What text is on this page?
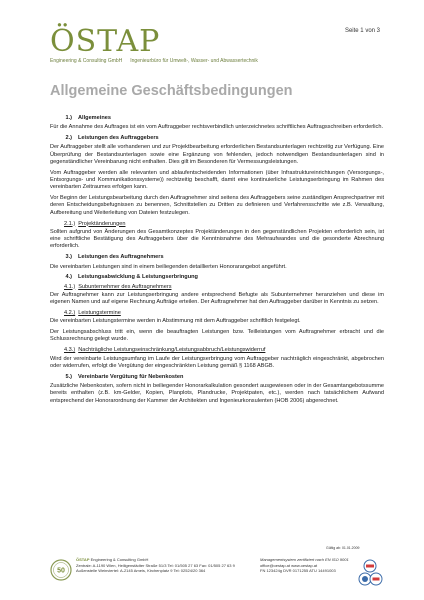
Seite 1 von 3
ÖSTAP
Engineering & Consulting GmbH Ingenieurbüro für Umwelt-, Wasser- und Abwassertechnik
Allgemeine Geschäftsbedingungen

1.) Allgemeines

Für die Annahme des Auftrages ist ein vom Auftraggeber rechtsverbindlich unterzeichnetes schriftliches Auftragsschreiben erforderlich.

2.) Leistungen des Auftraggebers

Der Auftraggeber stellt alle vorhandenen und zur Projektbearbeitung erforderlichen Bestandsunterlagen rechtzeitig zur Verfügung. Eine Überprüfung der Bestandsunterlagen sowie eine Ergänzung von fehlenden, jedoch notwendigen Bestandsunterlagen sind in gegenständlicher Vereinbarung nicht enthalten. Dies gilt im Besonderen für Vermessungsleistungen.

Vom Auftraggeber werden alle relevanten und ablaufentscheidenden Informationen (über Infrastruktureinrichtungen (Versorgungs-, Entsorgungs- und Kommunikationssysteme)) rechtzeitig beschafft, damit eine kontinuierliche Leistungserbringung im Rahmen des vereinbarten Zeitraumes erfolgen kann.

Vor Beginn der Leistungsbearbeitung durch den Auftragnehmer sind seitens des Auftraggebers seine zuständigen Ansprechpartner mit deren Entscheidungsbefugnissen zu benennen, Schnittstellen zu Dritten zu definieren und Verfahrensschritte wie z.B. Verwaltung, Aufbereitung und Weiterleitung von Dateien festzulegen.

2.1.) Projektänderungen

Sollten aufgrund von Änderungen des Gesamtkonzeptes Projektänderungen in den gegenständlichen Projekten erforderlich sein, ist eine schriftliche Bestätigung des Auftraggebers über die Kenntnisnahme des Mehraufwandes und die gesonderte Abrechnung erforderlich.

3.) Leistungen des Auftragnehmers

Die vereinbarten Leistungen sind in einem beiliegenden detaillierten Honorarangebot angeführt.

4.) Leistungsabwicklung & Leistungserbringung

4.1.) Subunternehmer des Auftragnehmers

Der Auftragnehmer kann zur Leistungserbringung andere entsprechend Befugte als Subunternehmer heranziehen und diese im eigenen Namen und auf eigene Rechnung Aufträge erteilen. Der Auftragnehmer hat den Auftraggeber darüber in Kenntnis zu setzen.

4.2.) Leistungstermine

Die vereinbarten Leistungstermine werden in Abstimmung mit dem Auftraggeber schriftlich festgelegt.

Der Leistungsabschluss tritt ein, wenn die beauftragten Leistungen bzw. Teilleistungen vom Auftragnehmer erbracht und die Schlussrechnung gelegt wurde.

4.3.) Nachträgliche Leistungseinschränkung/Leistungsabbruch/Leistungswiderruf

Wird der vereinbarte Leistungsumfang im Laufe der Leistungserbringung vom Auftraggeber nachträglich eingeschränkt, abgebrochen oder widerrufen, erfolgt die Vergütung der eingeschränkten Leistung gemäß § 1168 ABGB.

5.) Vereinbarte Vergütung für Nebenkosten

Zusätzliche Nebenkosten, sofern nicht in beiliegender Honorarkalkulation gesondert ausgewiesen oder in der Gesamtangebotssumme bereits enthalten (z.B. km-Gelder, Kopien, Planplots, Plandrucke, Projektpaten, etc.), werden nach tatsächlichem Aufwand entsprechend der Honorarordnung der Kammer der Architekten und Ingenieurkonsulenten (HOB 2006) abgerechnet.

Gültig ab: 01.01.2009
50
ÖSTAP Engineering & Consulting GmbH
Zentrale: A-1190 Wien, Heiligenstädter Straße 51/3 Tel: 01/505 27 63 Fax: 01/505 27 63 9
Außenstelle Weinviertel: A-2145 Ameis, Kirchenplatz 9 Tel: 02524/20 364
Managementsystem zertifiziert nach EN ISO 9001
office@oestap.at www.oestap.at
FN 123424g DVR 0171255 ATU 14491003
